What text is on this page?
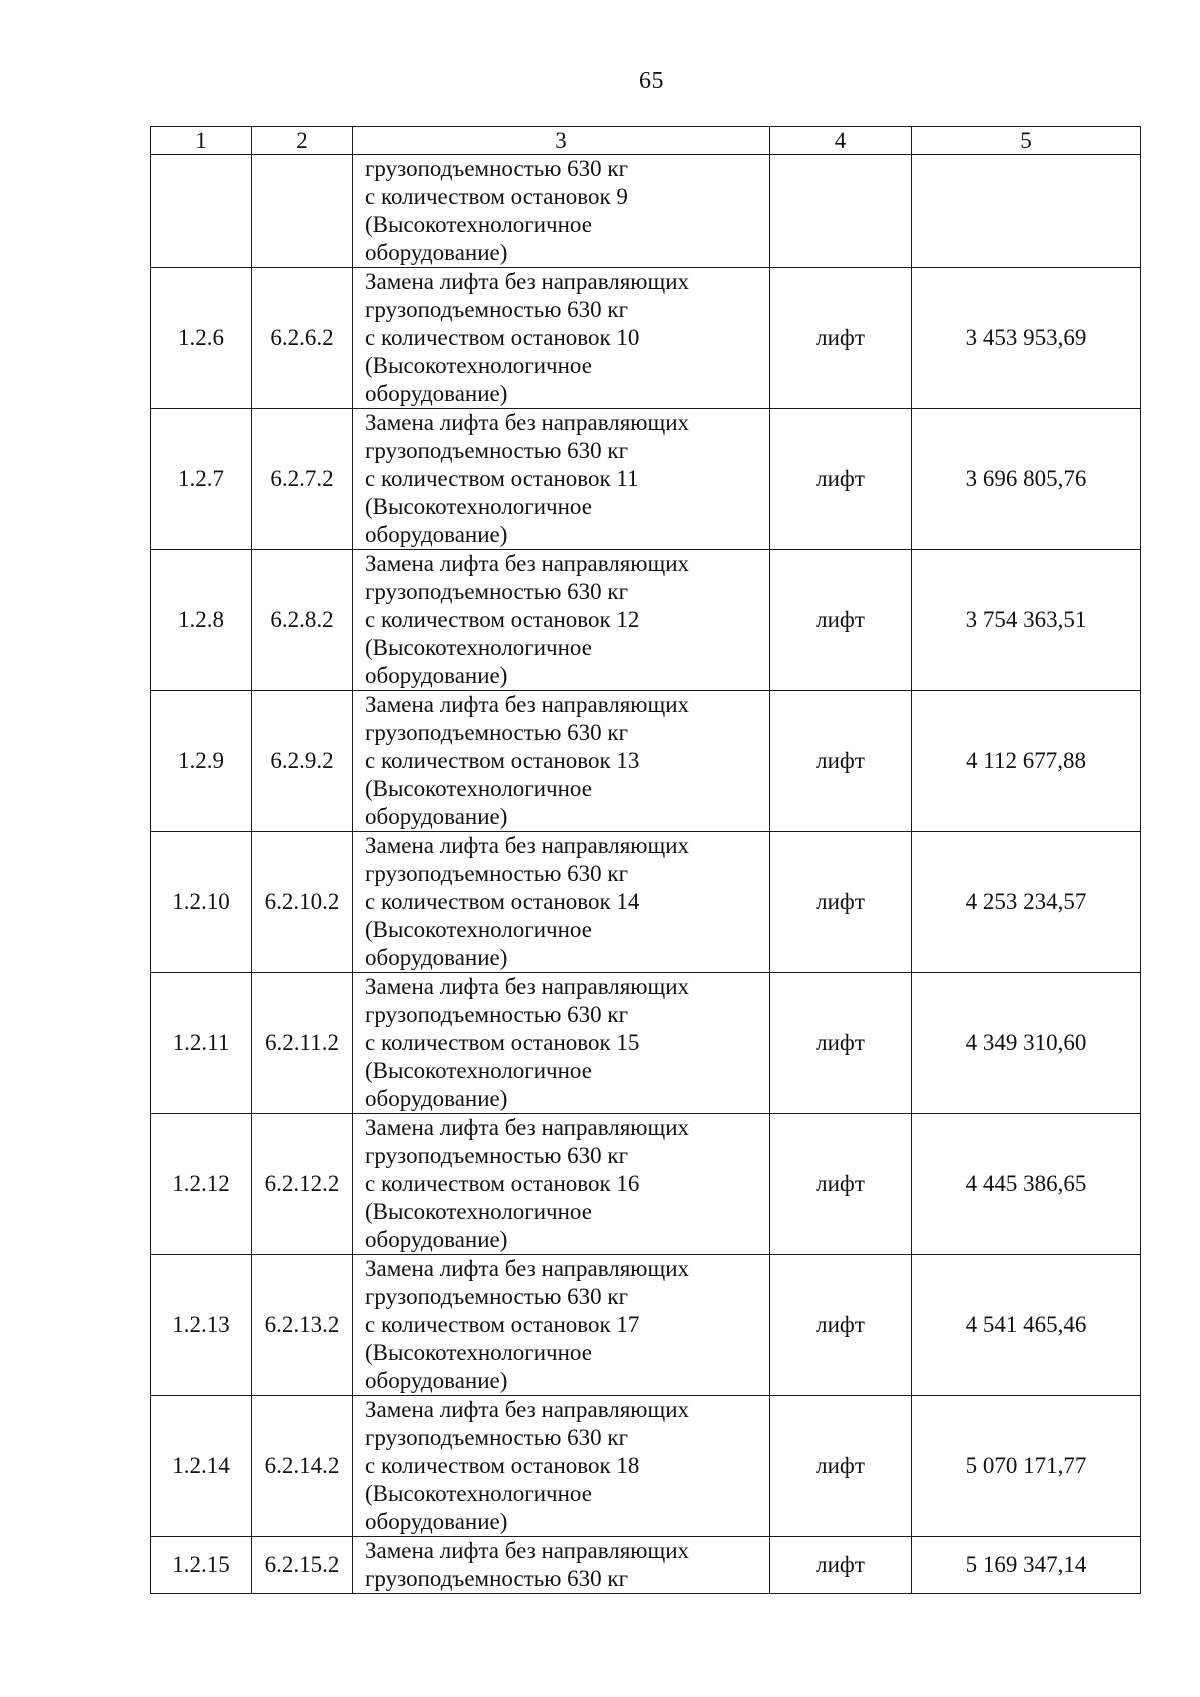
65
1	2	3	4	5

		грузоподъемностью 630 кг
с количеством остановок 9
(Высокотехнологичное
оборудование)		

1.2.6	6.2.6.2	Замена лифта без направляющих
грузоподъемностью 630 кг
с количеством остановок 10
(Высокотехнологичное
оборудование)	лифт	3 453 953,69
1.2.7	6.2.7.2	Замена лифта без направляющих
грузоподъемностью 630 кг
с количеством остановок 11
(Высокотехнологичное
оборудование)	лифт	3 696 805,76
1.2.8	6.2.8.2	Замена лифта без направляющих
грузоподъемностью 630 кг
с количеством остановок 12
(Высокотехнологичное
оборудование)	лифт	3 754 363,51
1.2.9	6.2.9.2	Замена лифта без направляющих
грузоподъемностью 630 кг
с количеством остановок 13
(Высокотехнологичное
оборудование)	лифт	4 112 677,88
1.2.10	6.2.10.2	Замена лифта без направляющих
грузоподъемностью 630 кг
с количеством остановок 14
(Высокотехнологичное
оборудование)	лифт	4 253 234,57
1.2.11	6.2.11.2	Замена лифта без направляющих
грузоподъемностью 630 кг
с количеством остановок 15
(Высокотехнологичное
оборудование)	лифт	4 349 310,60
1.2.12	6.2.12.2	Замена лифта без направляющих
грузоподъемностью 630 кг
с количеством остановок 16
(Высокотехнологичное
оборудование)	лифт	4 445 386,65
1.2.13	6.2.13.2	Замена лифта без направляющих
грузоподъемностью 630 кг
с количеством остановок 17
(Высокотехнологичное
оборудование)	лифт	4 541 465,46
1.2.14	6.2.14.2	Замена лифта без направляющих
грузоподъемностью 630 кг
с количеством остановок 18
(Высокотехнологичное
оборудование)	лифт	5 070 171,77
1.2.15	6.2.15.2	Замена лифта без направляющих
грузоподъемностью 630 кг	лифт	5 169 347,14
